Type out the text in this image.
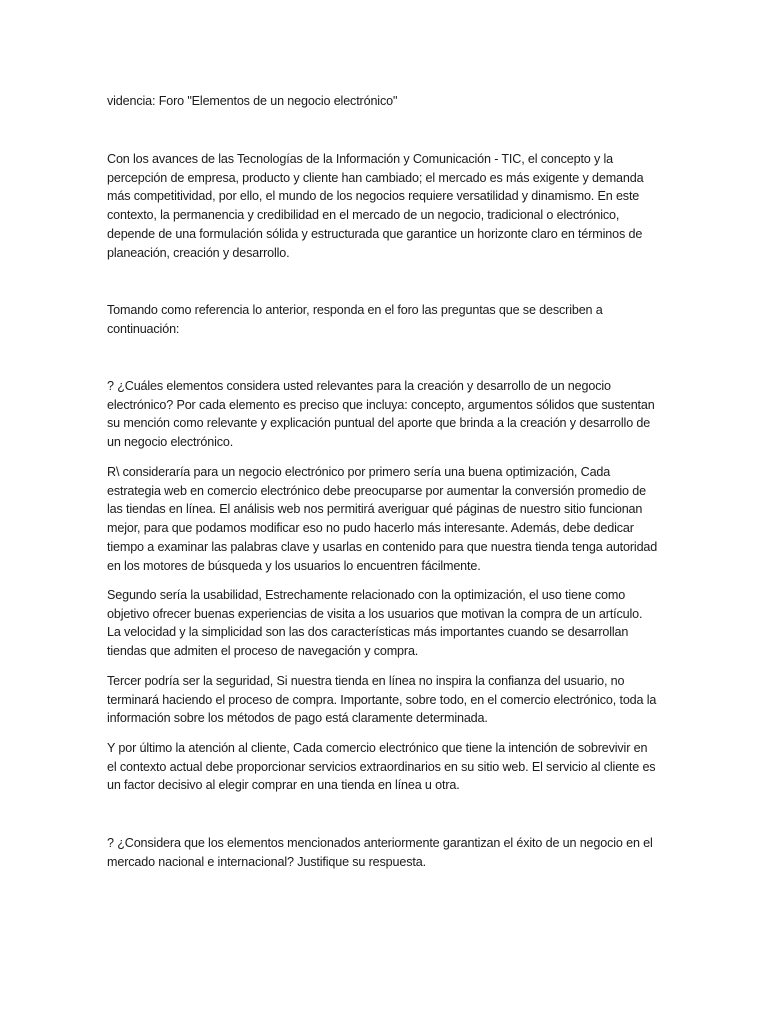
videncia: Foro "Elementos de un negocio electrónico"

Con los avances de las Tecnologías de la Información y Comunicación - TIC, el concepto y la percepción de empresa, producto y cliente han cambiado; el mercado es más exigente y demanda más competitividad, por ello, el mundo de los negocios requiere versatilidad y dinamismo. En este contexto, la permanencia y credibilidad en el mercado de un negocio, tradicional o electrónico, depende de una formulación sólida y estructurada que garantice un horizonte claro en términos de planeación, creación y desarrollo.

Tomando como referencia lo anterior, responda en el foro las preguntas que se describen a continuación:

? ¿Cuáles elementos considera usted relevantes para la creación y desarrollo de un negocio electrónico? Por cada elemento es preciso que incluya: concepto, argumentos sólidos que sustentan su mención como relevante y explicación puntual del aporte que brinda a la creación y desarrollo de un negocio electrónico.

R\ consideraría para un negocio electrónico por primero sería una buena optimización, Cada estrategia web en comercio electrónico debe preocuparse por aumentar la conversión promedio de las tiendas en línea. El análisis web nos permitirá averiguar qué páginas de nuestro sitio funcionan mejor, para que podamos modificar eso no pudo hacerlo más interesante. Además, debe dedicar tiempo a examinar las palabras clave y usarlas en contenido para que nuestra tienda tenga autoridad en los motores de búsqueda y los usuarios lo encuentren fácilmente.

Segundo sería la usabilidad, Estrechamente relacionado con la optimización, el uso tiene como objetivo ofrecer buenas experiencias de visita a los usuarios que motivan la compra de un artículo. La velocidad y la simplicidad son las dos características más importantes cuando se desarrollan tiendas que admiten el proceso de navegación y compra.

Tercer podría ser la seguridad, Si nuestra tienda en línea no inspira la confianza del usuario, no terminará haciendo el proceso de compra. Importante, sobre todo, en el comercio electrónico, toda la información sobre los métodos de pago está claramente determinada.

Y por último la atención al cliente, Cada comercio electrónico que tiene la intención de sobrevivir en el contexto actual debe proporcionar servicios extraordinarios en su sitio web. El servicio al cliente es un factor decisivo al elegir comprar en una tienda en línea u otra.

? ¿Considera que los elementos mencionados anteriormente garantizan el éxito de un negocio en el mercado nacional e internacional? Justifique su respuesta.
